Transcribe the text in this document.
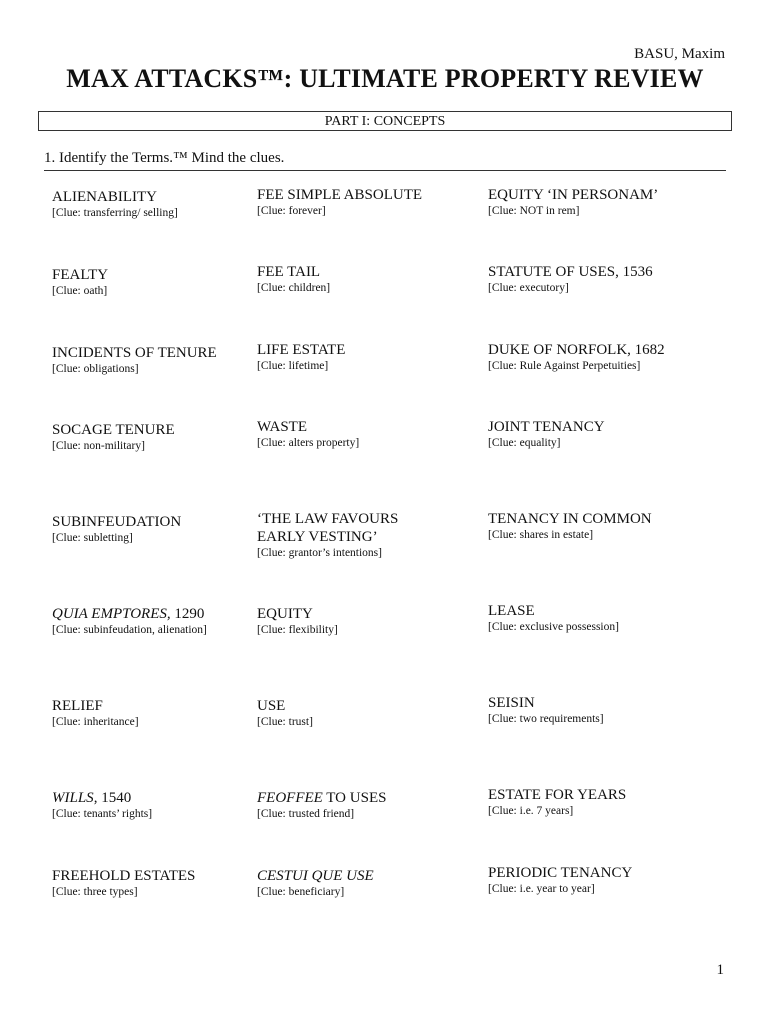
BASU, Maxim
MAX ATTACKS™: ULTIMATE PROPERTY REVIEW
PART I: CONCEPTS
1. Identify the Terms.™ Mind the clues.
ALIENABILITY
[Clue: transferring/ selling]
FEE SIMPLE ABSOLUTE
[Clue: forever]
EQUITY ‘IN PERSONAM’
[Clue: NOT in rem]
FEALTY
[Clue: oath]
FEE TAIL
[Clue: children]
STATUTE OF USES, 1536
[Clue: executory]
INCIDENTS OF TENURE
[Clue: obligations]
LIFE ESTATE
[Clue: lifetime]
DUKE OF NORFOLK, 1682
[Clue: Rule Against Perpetuities]
SOCAGE TENURE
[Clue: non-military]
WASTE
[Clue: alters property]
JOINT TENANCY
[Clue: equality]
SUBINFEUDATION
[Clue: subletting]
‘THE LAW FAVOURS
EARLY VESTING’
[Clue: grantor’s intentions]
TENANCY IN COMMON
[Clue: shares in estate]
QUIA EMPTORES, 1290
[Clue: subinfeudation, alienation]
EQUITY
[Clue: flexibility]
LEASE
[Clue: exclusive possession]
RELIEF
[Clue: inheritance]
USE
[Clue: trust]
SEISIN
[Clue: two requirements]
WILLS, 1540
[Clue: tenants’ rights]
FEOFFEE TO USES
[Clue: trusted friend]
ESTATE FOR YEARS
[Clue: i.e. 7 years]
FREEHOLD ESTATES
[Clue: three types]
CESTUI QUE USE
[Clue: beneficiary]
PERIODIC TENANCY
[Clue: i.e. year to year]
1
